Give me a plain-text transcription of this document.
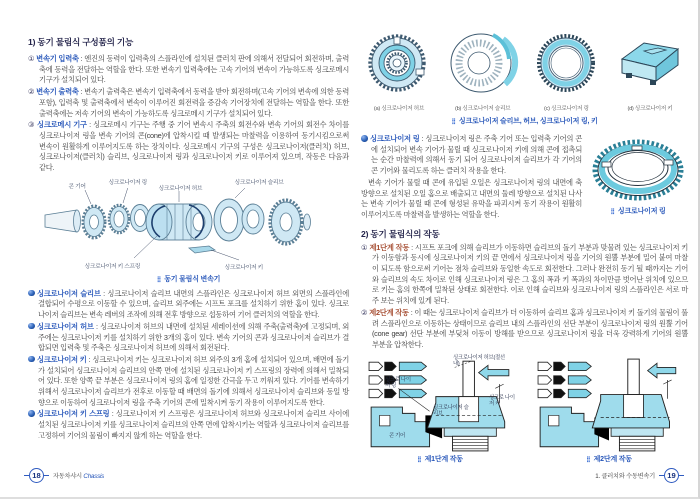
1) 동기 물림식 구성품의 기능

① 변속기 입력축 : 엔진의 동력이 입력축의 스플라인에 설치된 클러치 판에 의해서 전달되어 회전하며, 출력축에 동력을 전달하는 역할을 한다. 또한 변속기 입력축에는 고속 기어의 변속이 가능하도록 싱크로메시 기구가 설치되어 있다.

② 변속기 출력축 : 변속기 출력축은 변속기 입력축에서 동력을 받아 회전하며(고속 기어의 변속에 의한 동력 포함), 입력축 및 출력축에서 변속이 이루어진 회전력을 증감속 기어장치에 전달하는 역할을 한다. 또한 출력축에는 저속 기어의 변속이 가능하도록 싱크로메시 기구가 설치되어 있다.

③ 싱크로메시 기구 : 싱크로메시 기구는 주행 중 기어 변속시 주축의 회전수와 변속 기어의 회전수 차이를 싱크로나이저 링을 변속 기어의 콘(cone)에 압착시킬 때 발생되는 마찰력을 이용하여 동기시킴으로써 변속이 원활하게 이루어지도록 하는 장치이다. 싱크로메시 기구의 구성은 싱크로나이저(클러치) 허브, 싱크로나이저(클러치) 슬리브, 싱크로나이저 링과 싱크로나이저 키로 이루어져 있으며, 작동은 다음과 같다.

콘 기어
싱크로나이저 링
싱크로나이저 허브
싱크로나이저 슬리브
싱크로나이저 키 스프링	싱크로나이저 키
⣿ 동기 물림식 변속기

싱크로나이저 슬리브 : 싱크로나이저 슬리브 내면의 스플라인은 싱크로나이저 허브 외면의 스플라인에 결합되어 수평으로 이동할 수 있으며, 슬리브 외주에는 시프트 포크를 설치하기 위한 홈이 있다. 싱크로나이저 슬리브는 변속 레버의 조작에 의해 전후 방향으로 섭동하여 기어 클러치의 역할을 한다.

싱크로나이저 허브 : 싱크로나이저 허브의 내면에 설치된 세레이션에 의해 주축(출력축)에 고정되며, 외주에는 싱크로나이저 키를 설치하기 위한 3개의 홈이 있다. 변속 기어의 콘과 싱크로나이저 슬리브가 결합되면 입력축 및 주축은 싱크로나이저 허브에 의해서 회전된다.

싱크로나이저 키 : 싱크로나이저 키는 싱크로나이저 허브 외주의 3개 홈에 설치되어 있으며, 배면에 돌기가 설치되어 싱크로나이저 슬리브의 안쪽 면에 설치된 싱크로나이저 키 스프링의 장력에 의해서 밀착되어 있다. 또한 양쪽 끝 부분은 싱크로나이저 링의 홈에 일정한 간극을 두고 끼워져 있다. 기어를 변속하기 위해서 싱크로나이저 슬리브가 전후로 이동할 때 배면의 돌기에 의해서 싱크로나이저 슬리브와 동일 방향으로 이동하여 싱크로나이저 링을 주축 기어의 콘에 밀착시켜 동기 작용이 이루어지도록 한다.

싱크로나이저 키 스프링 : 싱크로나이저 키 스프링은 싱크로나이저 허브와 싱크로나이저 슬리브 사이에 설치된 싱크로나이저 키를 싱크로나이저 슬리브의 안쪽 면에 압착시키는 역할과 싱크로나이저 슬리브를 고정하여 기어의 물림이 빠지지 않게 하는 역할을 한다.

18	자동차샤시 Chassis
(a) 싱크로나이저 허브	(b) 싱크로나이저 슬리브	(c) 싱크로나이저 링	(d) 싱크로나이저 키
⣿ 싱크로나이저 슬리브, 허브, 싱크로나이저 링, 키
⣿ 싱크로나이저 링

싱크로나이저 링 : 싱크로나이저 링은 주축 기어 또는 입력축 기어의 콘에 설치되어 변속 기어가 물릴 때 싱크로나이저 키에 의해 콘에 접촉되는 순간 마찰력에 의해서 동기 되어 싱크로나이저 슬리브가 각 기어의 콘 기어와 물리도록 하는 클러치 작용을 한다.

변속 기어가 물릴 때 콘에 유입된 오일은 싱크로나이저 링의 내면에 축 방향으로 설치된 오일 홈으로 배출되고 내면의 둘레 방향으로 설치된 나사는 변속 기어가 물릴 때 콘에 형성된 유막을 파괴시켜 동기 작용이 원활히 이루어지도록 마찰력을 발생하는 역할을 한다.

2) 동기 물림식의 작동

① 제1단계 작동 : 시프트 포크에 의해 슬리브가 이동하면 슬리브의 돌기 부분과 맞물려 있는 싱크로나이저 키가 이동함과 동시에 싱크로나이저 키의 끝 면에서 싱크로나이저 링을 기어의 원뿔 부분에 밀어 붙여 마찰이 되도록 함으로써 기어는 점차 슬리브와 동일한 속도로 회전한다. 그러나 완전히 동기 될 때까지는 기어와 슬리브의 속도 차이로 인해 싱크로나이저 링은 그 홈의 폭과 키 폭과의 차이만큼 벗어난 위치에 있으므로 키는 홈의 한쪽에 밀착된 상태로 회전한다. 이로 인해 슬리브와 싱크로나이저 링의 스플라인은 서로 마주 보는 위치에 있게 된다.

② 제2단계 작동 : 이 때는 싱크로나이저 슬리브가 더 이동하여 슬리브 홈과 싱크로나이저 키 돌기의 물림이 풀려 스플라인으로 이동하는 상태이므로 슬리브 내의 스플라인의 선단 부분이 싱크로나이저 링의 원뿔 기어(cone gear) 선단 부분에 부딪쳐 이동이 방해를 받으므로 싱크로나이저 링을 더욱 강력하게 기어의 원뿔 부분을 압착한다.

싱크로나이저 허브(절선내)
싱크로 나이저 링
싱크로나이저 슬리브
싱크로 나이저 키
콘 기어
⣿ 제1단계 작동 ⣿	제2단계 작동
1. 클러치와 수동변속기	19
